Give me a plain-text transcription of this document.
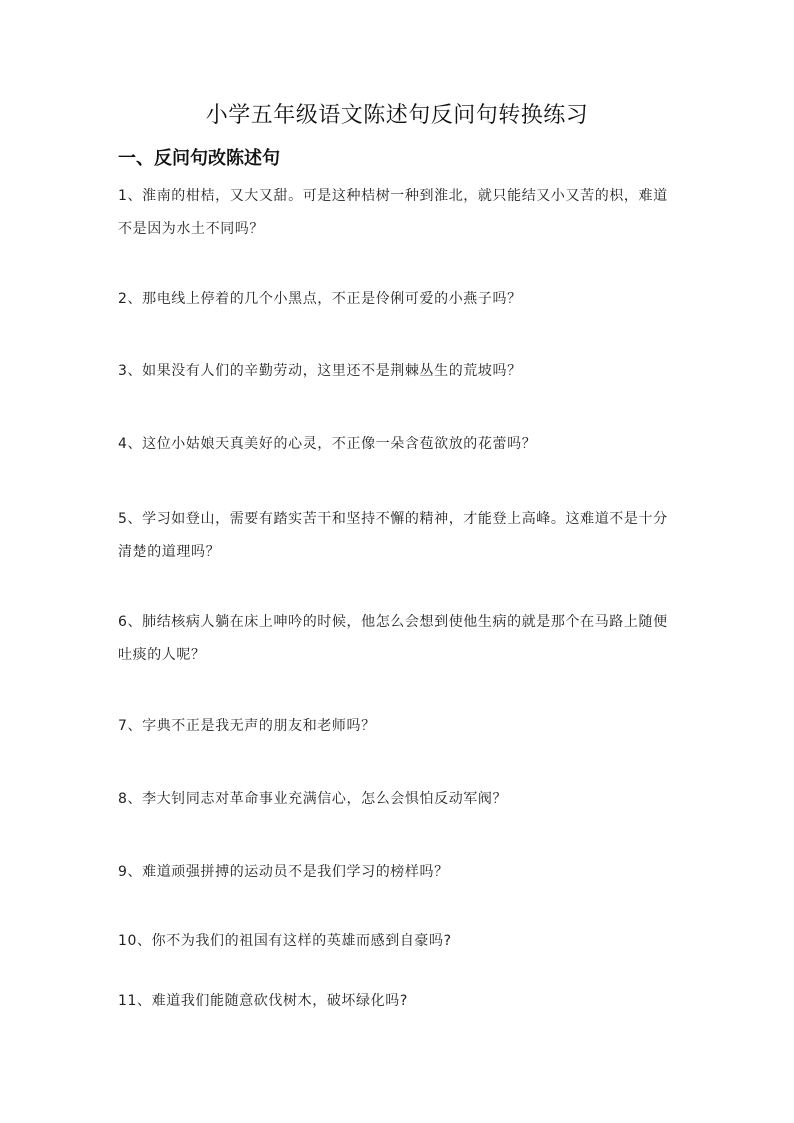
小学五年级语文陈述句反问句转换练习
一、反问句改陈述句
1、淮南的柑桔，又大又甜。可是这种桔树一种到淮北，就只能结又小又苦的枳，难道不是因为水土不同吗？
2、那电线上停着的几个小黑点，不正是伶俐可爱的小燕子吗？
3、如果没有人们的辛勤劳动，这里还不是荆棘丛生的荒坡吗？
4、这位小姑娘天真美好的心灵，不正像一朵含苞欲放的花蕾吗？
5、学习如登山，需要有踏实苦干和坚持不懈的精神，才能登上高峰。这难道不是十分清楚的道理吗？
6、肺结核病人躺在床上呻吟的时候，他怎么会想到使他生病的就是那个在马路上随便吐痰的人呢？
7、字典不正是我无声的朋友和老师吗？
8、李大钊同志对革命事业充满信心，怎么会惧怕反动军阀？
9、难道顽强拼搏的运动员不是我们学习的榜样吗？
10、你不为我们的祖国有这样的英雄而感到自豪吗?
11、难道我们能随意砍伐树木，破坏绿化吗?
